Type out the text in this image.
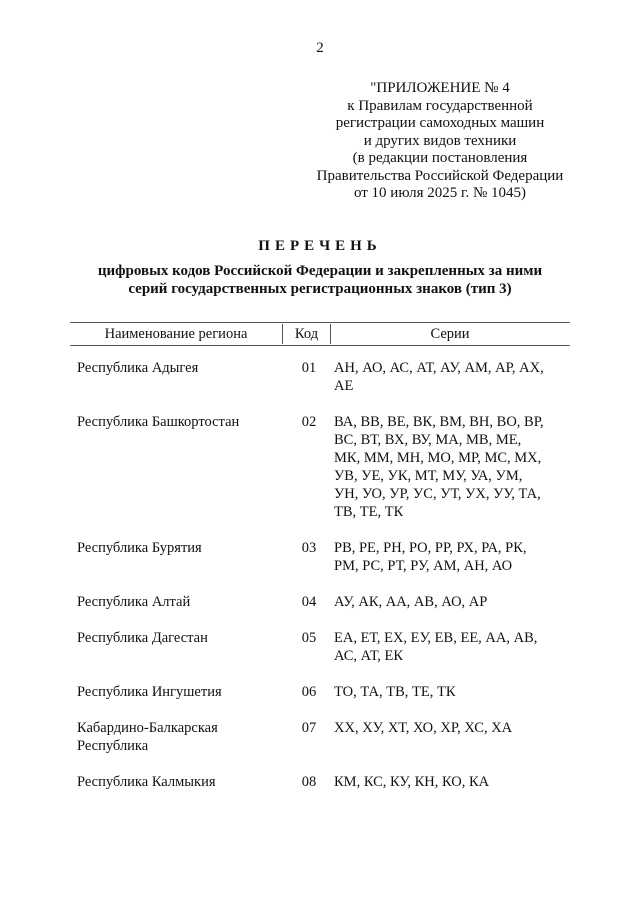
2
"ПРИЛОЖЕНИЕ № 4
к Правилам государственной
регистрации самоходных машин
и других видов техники
(в редакции постановления
Правительства Российской Федерации
от 10 июля 2025 г. № 1045)
ПЕРЕЧЕНЬ
цифровых кодов Российской Федерации и закрепленных за ними
серий государственных регистрационных знаков (тип 3)
Наименование региона	Код	Серии
Республика Адыгея	01	АН, АО, АС, АТ, АУ, АМ, АР, АХ,
АЕ
Республика Башкортостан	02	ВА, ВВ, ВЕ, ВК, ВМ, ВН, ВО, ВР,
ВС, ВТ, ВХ, ВУ, МА, МВ, МЕ,
МК, ММ, МН, МО, МР, МС, МХ,
УВ, УЕ, УК, МТ, МУ, УА, УМ,
УН, УО, УР, УС, УТ, УХ, УУ, ТА,
ТВ, ТЕ, ТК
Республика Бурятия	03	РВ, РЕ, РН, РО, РР, РХ, РА, РК,
РМ, РС, РТ, РУ, АМ, АН, АО
Республика Алтай	04	АУ, АК, АА, АВ, АО, АР
Республика Дагестан	05	ЕА, ЕТ, ЕХ, ЕУ, ЕВ, ЕЕ, АА, АВ,
АС, АТ, ЕК
Республика Ингушетия	06	ТО, ТА, ТВ, ТЕ, ТК
Кабардино-Балкарская
Республика
07	ХХ, ХУ, ХТ, ХО, ХР, ХС, ХА
Республика Калмыкия	08	КМ, КС, КУ, КН, КО, КА
